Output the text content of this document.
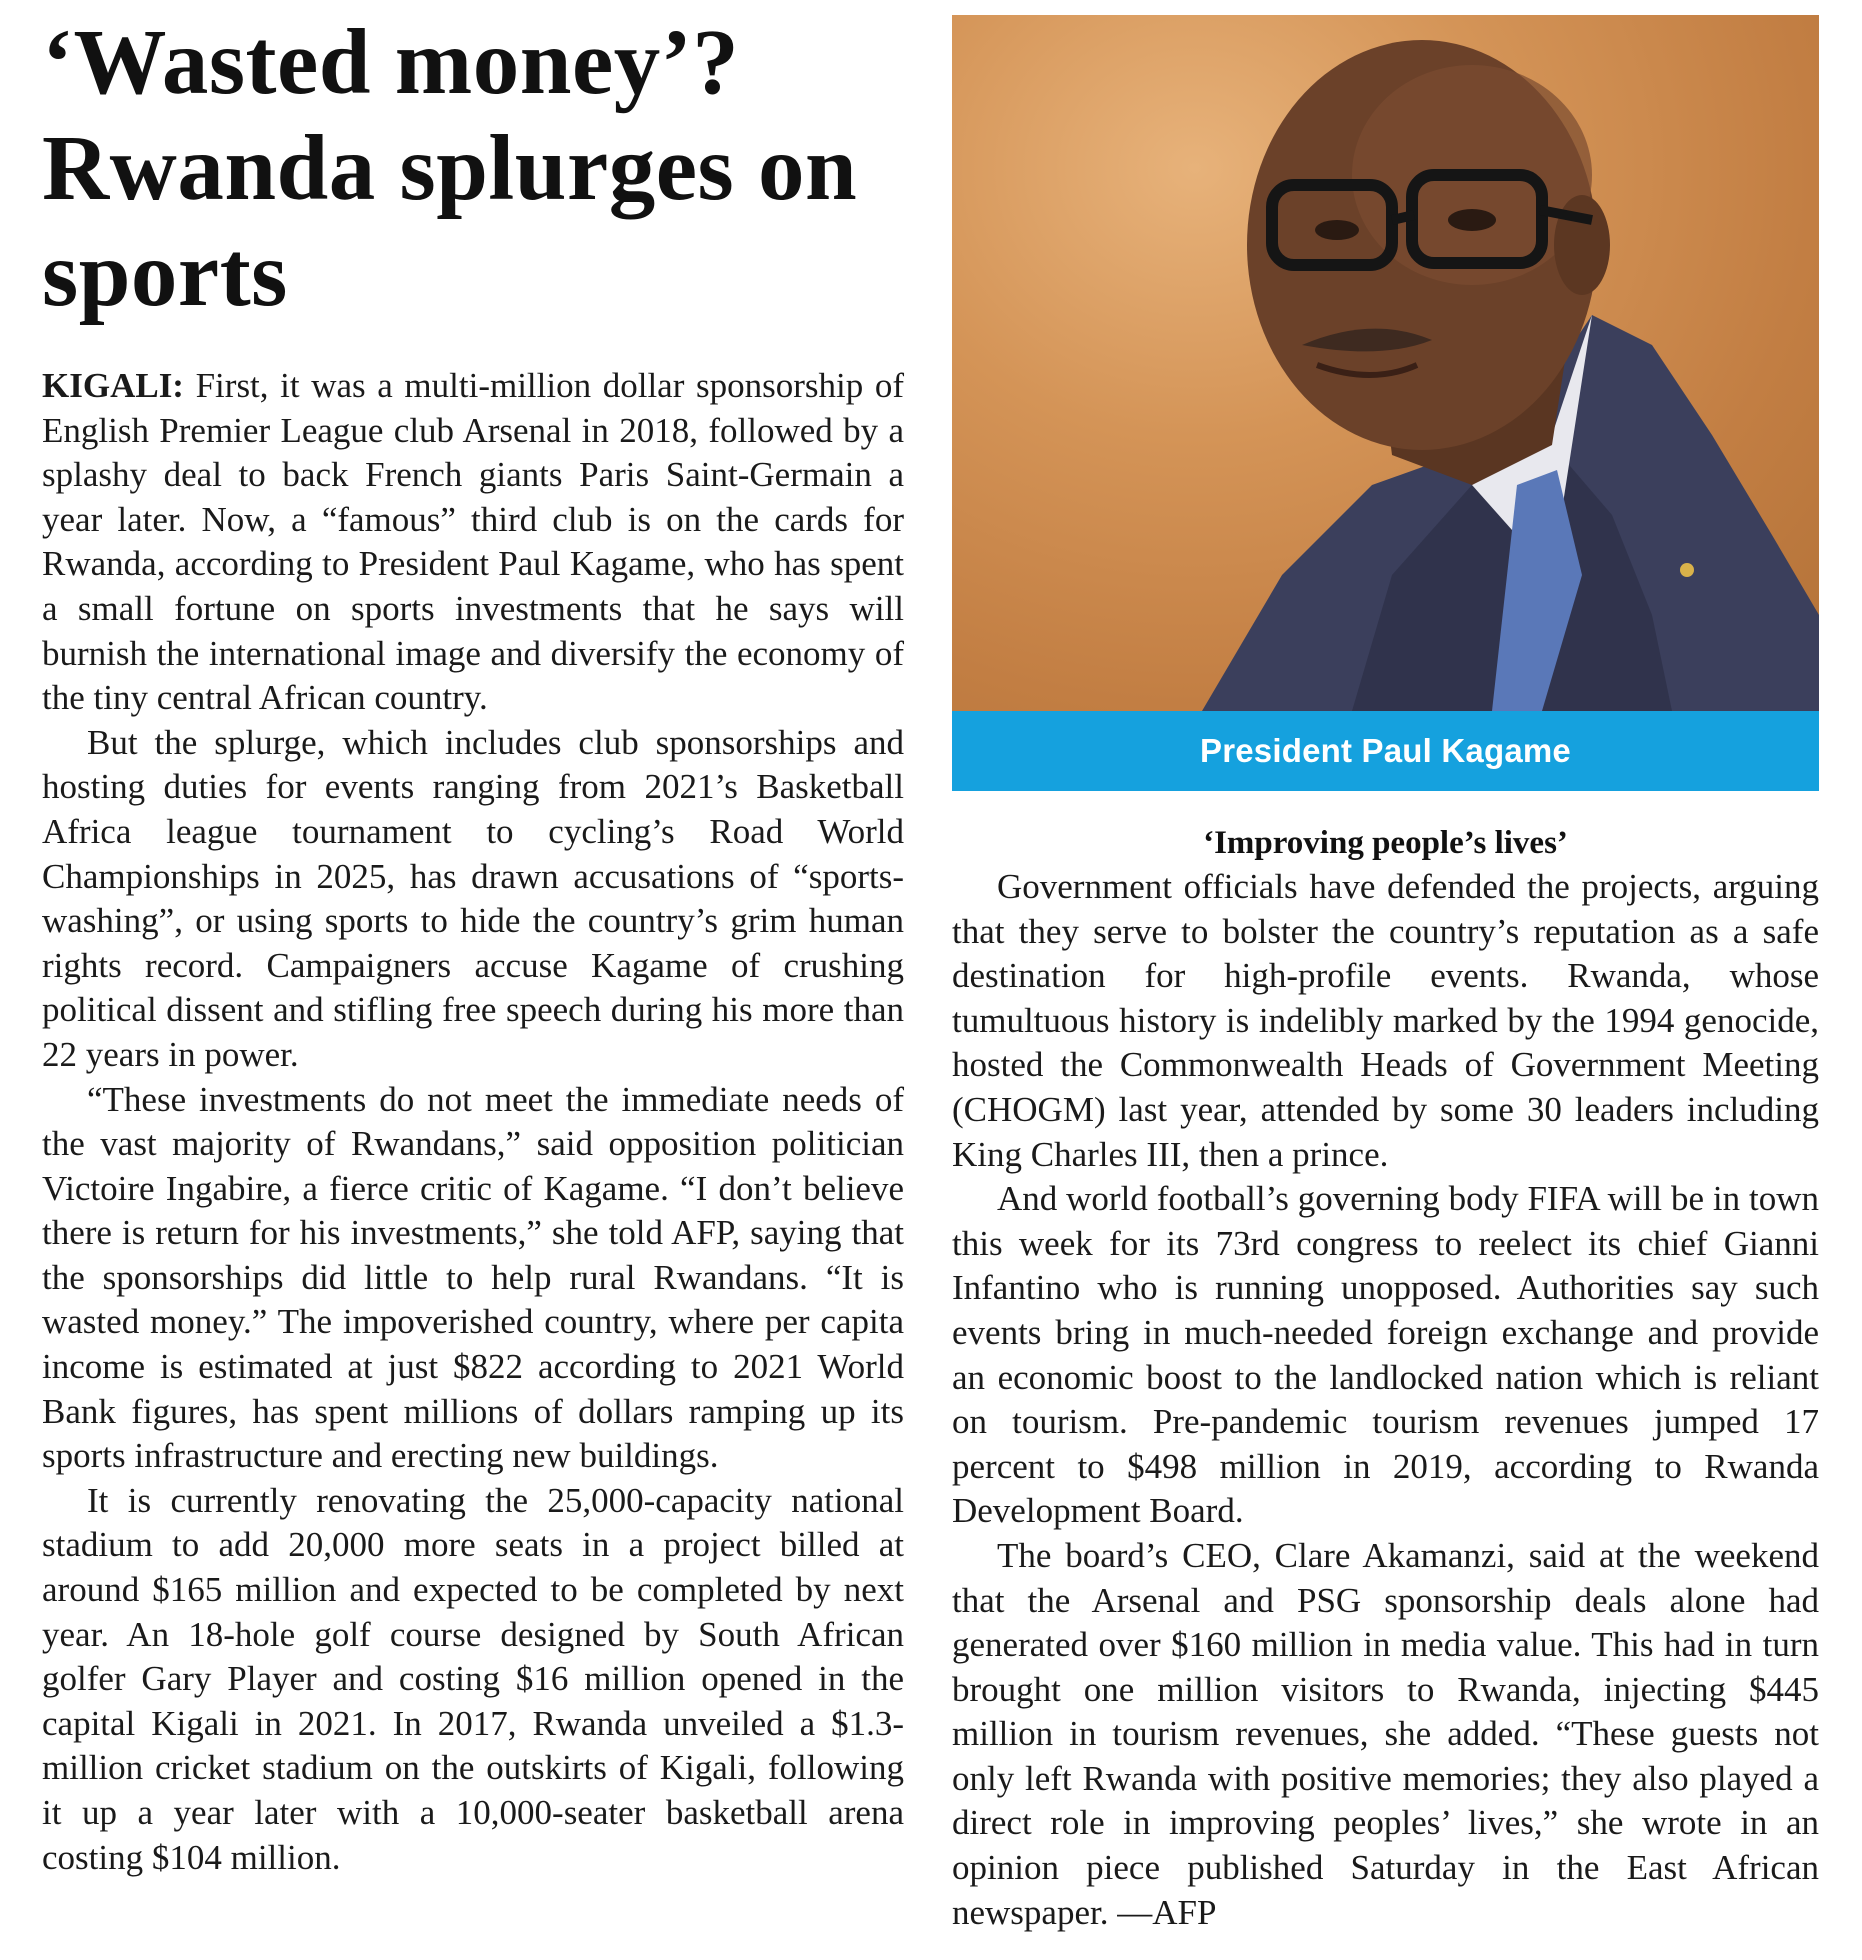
‘Wasted money’? Rwanda splurges on sports

KIGALI: First, it was a multi-million dollar sponsorship of English Premier League club Arsenal in 2018, followed by a splashy deal to back French giants Paris Saint-Germain a year later. Now, a “famous” third club is on the cards for Rwanda, according to President Paul Kagame, who has spent a small fortune on sports investments that he says will burnish the international image and diversify the economy of the tiny central African country.

But the splurge, which includes club sponsorships and hosting duties for events ranging from 2021’s Basketball Africa league tournament to cycling’s Road World Championships in 2025, has drawn accusations of “sports-washing”, or using sports to hide the country’s grim human rights record. Campaigners accuse Kagame of crushing political dissent and stifling free speech during his more than 22 years in power.

“These investments do not meet the immediate needs of the vast majority of Rwandans,” said opposition politician Victoire Ingabire, a fierce critic of Kagame. “I don’t believe there is return for his investments,” she told AFP, saying that the sponsorships did little to help rural Rwandans. “It is wasted money.” The impoverished country, where per capita income is estimated at just $822 according to 2021 World Bank figures, has spent millions of dollars ramping up its sports infrastructure and erecting new buildings.

It is currently renovating the 25,000-capacity national stadium to add 20,000 more seats in a project billed at around $165 million and expected to be completed by next year. An 18-hole golf course designed by South African golfer Gary Player and costing $16 million opened in the capital Kigali in 2021. In 2017, Rwanda unveiled a $1.3-million cricket stadium on the outskirts of Kigali, following it up a year later with a 10,000-seater basketball arena costing $104 million.

President Paul Kagame
‘Improving people’s lives’

Government officials have defended the projects, arguing that they serve to bolster the country’s reputation as a safe destination for high-profile events. Rwanda, whose tumultuous history is indelibly marked by the 1994 genocide, hosted the Commonwealth Heads of Government Meeting (CHOGM) last year, attended by some 30 leaders including King Charles III, then a prince.

And world football’s governing body FIFA will be in town this week for its 73rd congress to reelect its chief Gianni Infantino who is running unopposed. Authorities say such events bring in much-needed foreign exchange and provide an economic boost to the landlocked nation which is reliant on tourism. Pre-pandemic tourism revenues jumped 17 percent to $498 million in 2019, according to Rwanda Development Board.

The board’s CEO, Clare Akamanzi, said at the weekend that the Arsenal and PSG sponsorship deals alone had generated over $160 million in media value. This had in turn brought one million visitors to Rwanda, injecting $445 million in tourism revenues, she added. “These guests not only left Rwanda with positive memories; they also played a direct role in improving peoples’ lives,” she wrote in an opinion piece published Saturday in the East African newspaper. —AFP
